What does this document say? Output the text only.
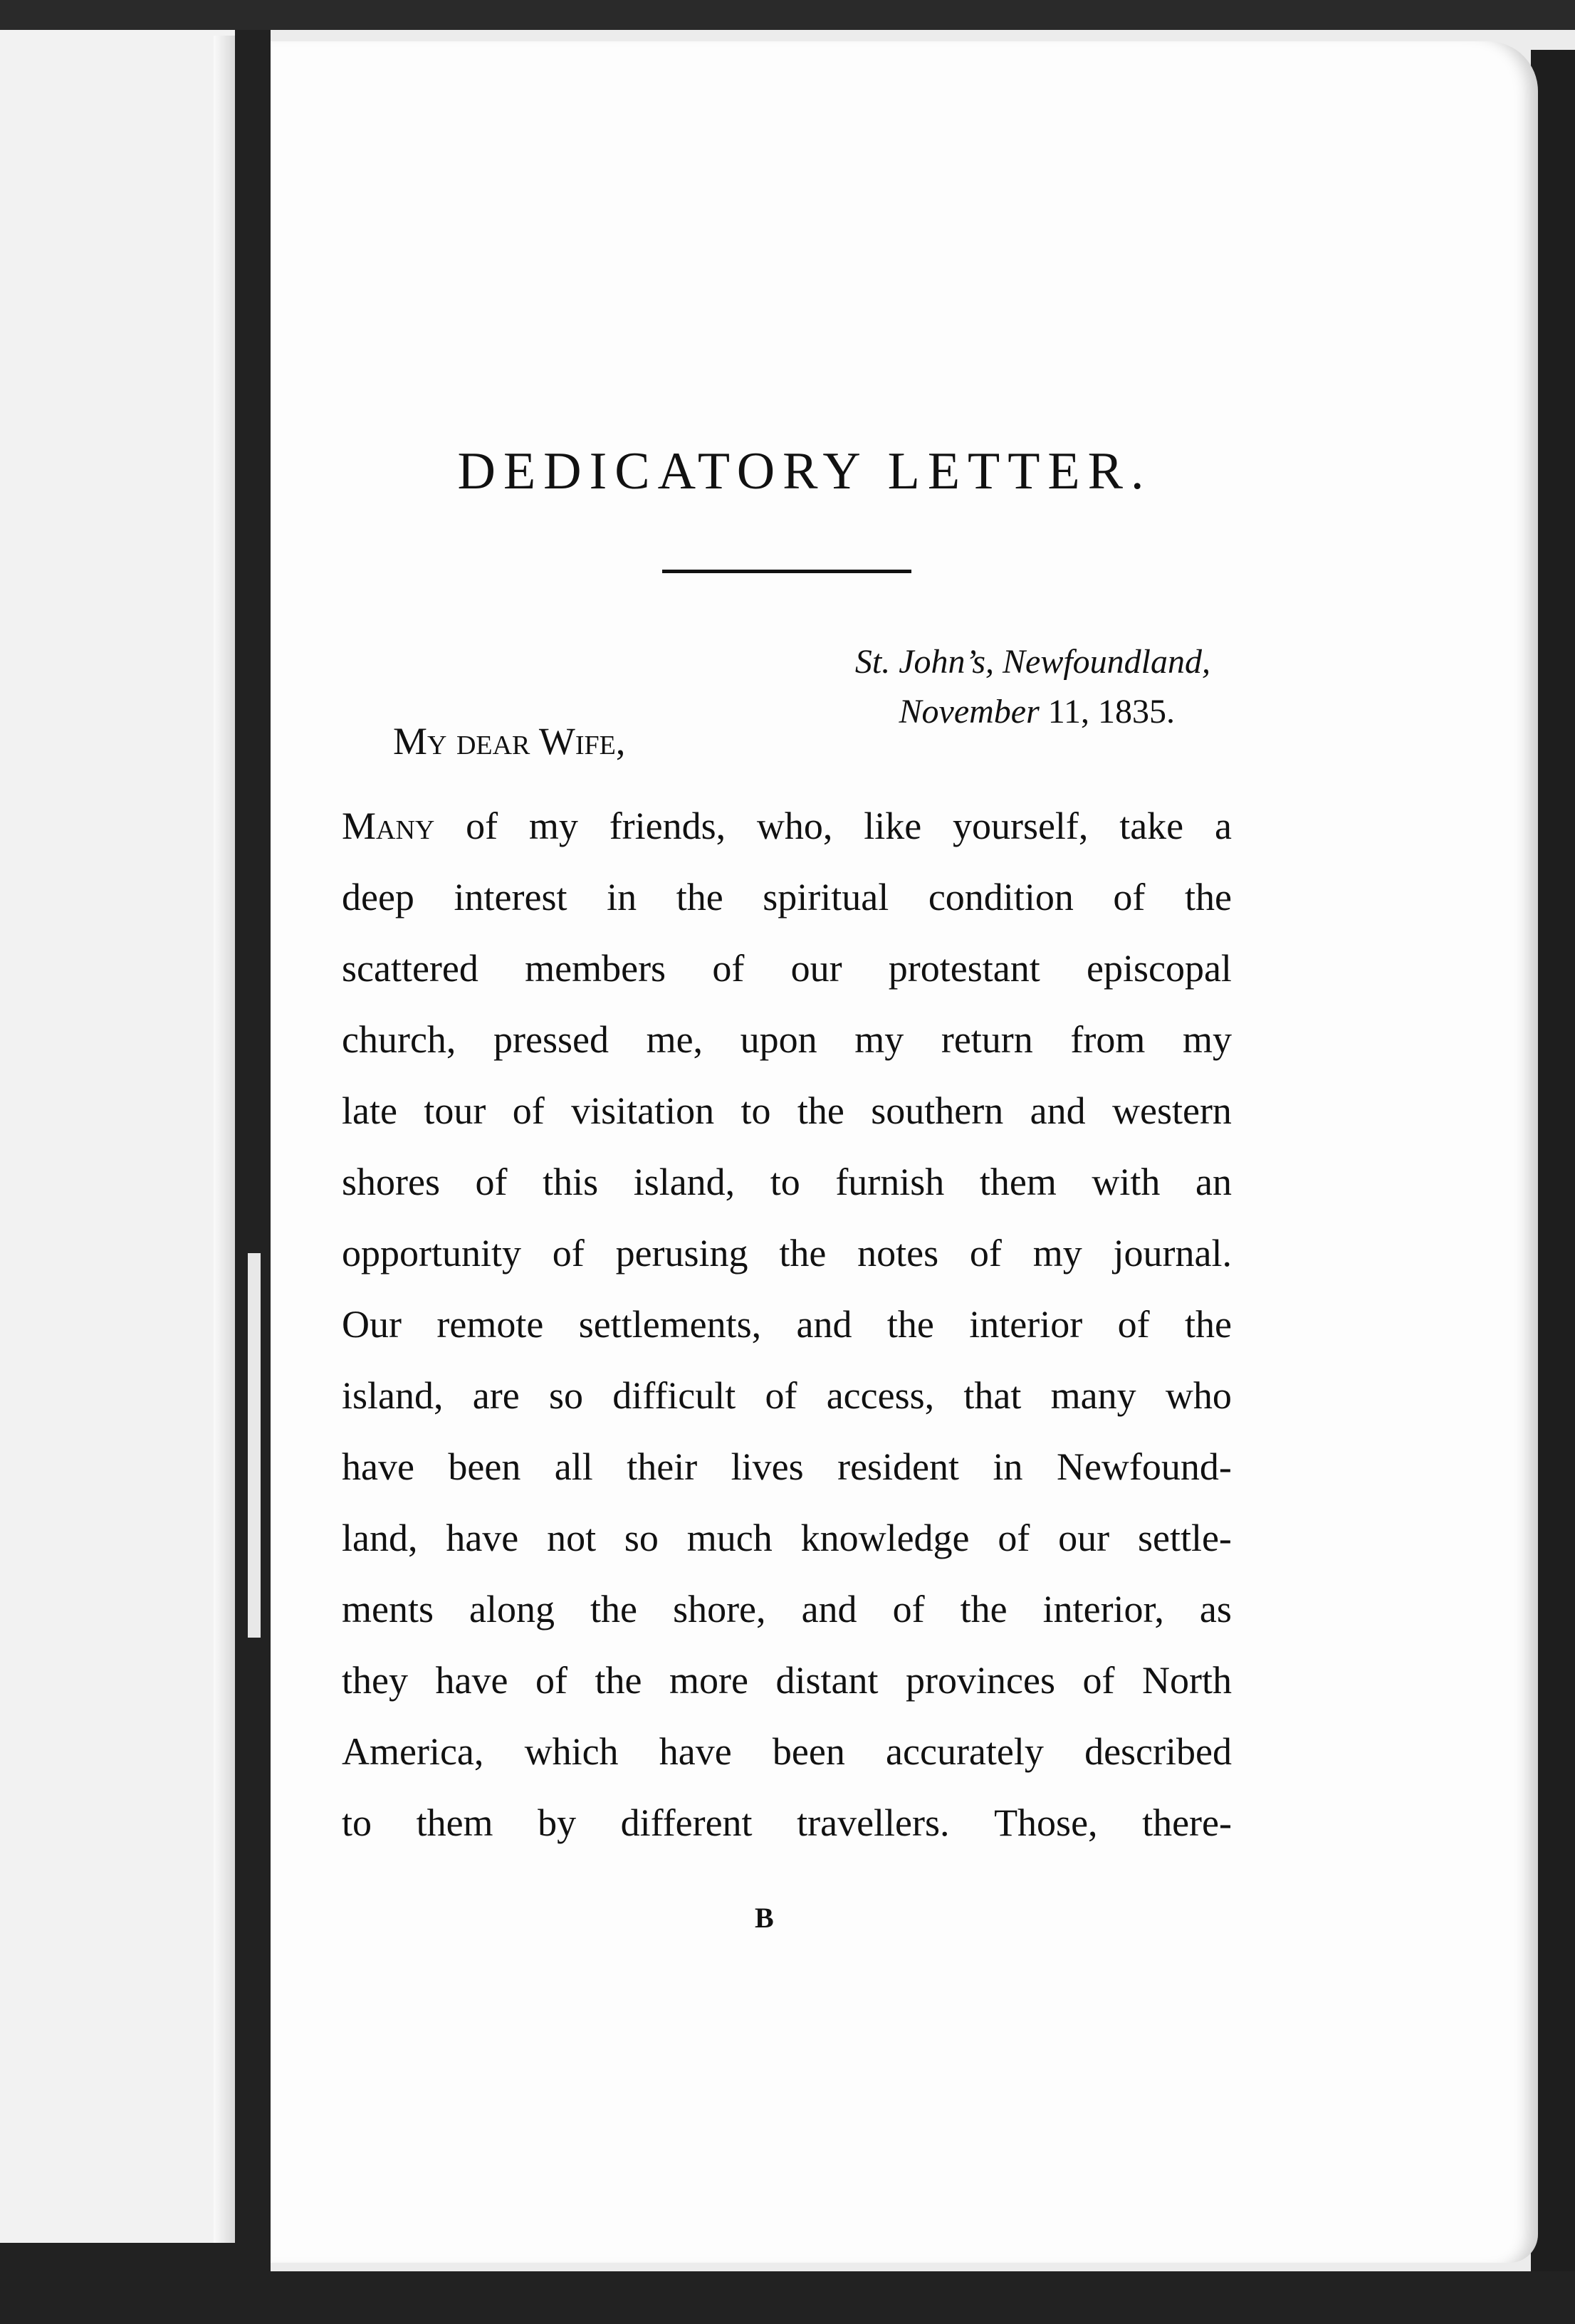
DEDICATORY LETTER.
St. John’s, Newfoundland,
November 11, 1835.
My dear Wife,
Many of my friends, who, like yourself, take a
deep interest in the spiritual condition of the
scattered members of our protestant episcopal
church, pressed me, upon my return from my
late tour of visitation to the southern and western
shores of this island, to furnish them with an
opportunity of perusing the notes of my journal.
Our remote settlements, and the interior of the
island, are so difficult of access, that many who
have been all their lives resident in Newfound-
land, have not so much knowledge of our settle-
ments along the shore, and of the interior, as
they have of the more distant provinces of North
America, which have been accurately described
to them by different travellers. Those, there-
B
